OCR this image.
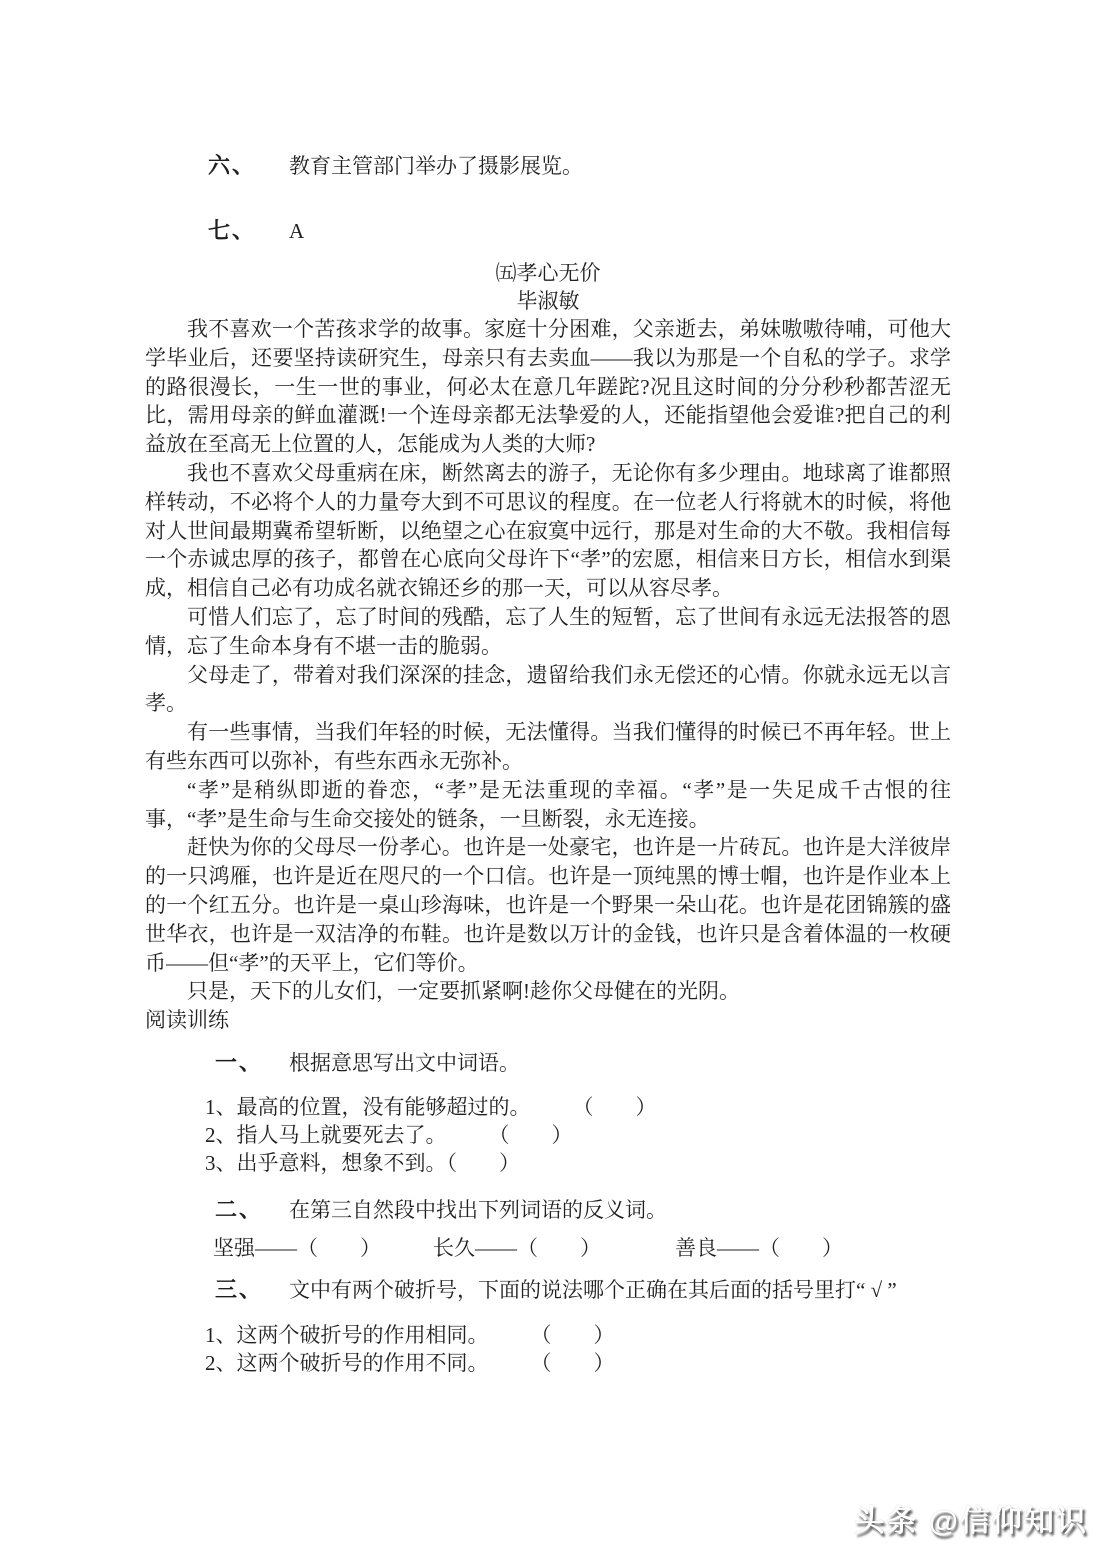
六、 教育主管部门举办了摄影展览。
七、 A
㈤孝心无价
毕淑敏

我不喜欢一个苦孩求学的故事。家庭十分困难，父亲逝去，弟妹嗷嗷待哺，可他大学毕业后，还要坚持读研究生，母亲只有去卖血——我以为那是一个自私的学子。求学的路很漫长，一生一世的事业，何必太在意几年蹉跎?况且这时间的分分秒秒都苦涩无比，需用母亲的鲜血灌溉!一个连母亲都无法挚爱的人，还能指望他会爱谁?把自己的利益放在至高无上位置的人，怎能成为人类的大师?

我也不喜欢父母重病在床，断然离去的游子，无论你有多少理由。地球离了谁都照样转动，不必将个人的力量夸大到不可思议的程度。在一位老人行将就木的时候，将他对人世间最期冀希望斩断，以绝望之心在寂寞中远行，那是对生命的大不敬。我相信每一个赤诚忠厚的孩子，都曾在心底向父母许下“孝”的宏愿，相信来日方长，相信水到渠成，相信自己必有功成名就衣锦还乡的那一天，可以从容尽孝。

可惜人们忘了，忘了时间的残酷，忘了人生的短暂，忘了世间有永远无法报答的恩情，忘了生命本身有不堪一击的脆弱。

父母走了，带着对我们深深的挂念，遗留给我们永无偿还的心情。你就永远无以言孝。

有一些事情，当我们年轻的时候，无法懂得。当我们懂得的时候已不再年轻。世上有些东西可以弥补，有些东西永无弥补。

“孝”是稍纵即逝的眷恋，“孝”是无法重现的幸福。“孝”是一失足成千古恨的往事，“孝”是生命与生命交接处的链条，一旦断裂，永无连接。

赶快为你的父母尽一份孝心。也许是一处豪宅，也许是一片砖瓦。也许是大洋彼岸的一只鸿雁，也许是近在咫尺的一个口信。也许是一顶纯黑的博士帽，也许是作业本上的一个红五分。也许是一桌山珍海味，也许是一个野果一朵山花。也许是花团锦簇的盛世华衣，也许是一双洁净的布鞋。也许是数以万计的金钱，也许只是含着体温的一枚硬币——但“孝”的天平上，它们等价。

只是，天下的儿女们，一定要抓紧啊!趁你父母健在的光阴。

阅读训练
一、 根据意思写出文中词语。
1、最高的位置，没有能够超过的。　　　（　　）
2、指人马上就要死去了。　　　（　　）
3、出乎意料，想象不到。（　　）
二、 在第三自然段中找出下列词语的反义词。
坚强——（　　） 长久——（　　）	善良——（　　）
三、 文中有两个破折号，下面的说法哪个正确在其后面的括号里打“ √ ”
1、这两个破折号的作用相同。　　　（　　）
2、这两个破折号的作用不同。　　　（　　）
头条 @信仰知识
